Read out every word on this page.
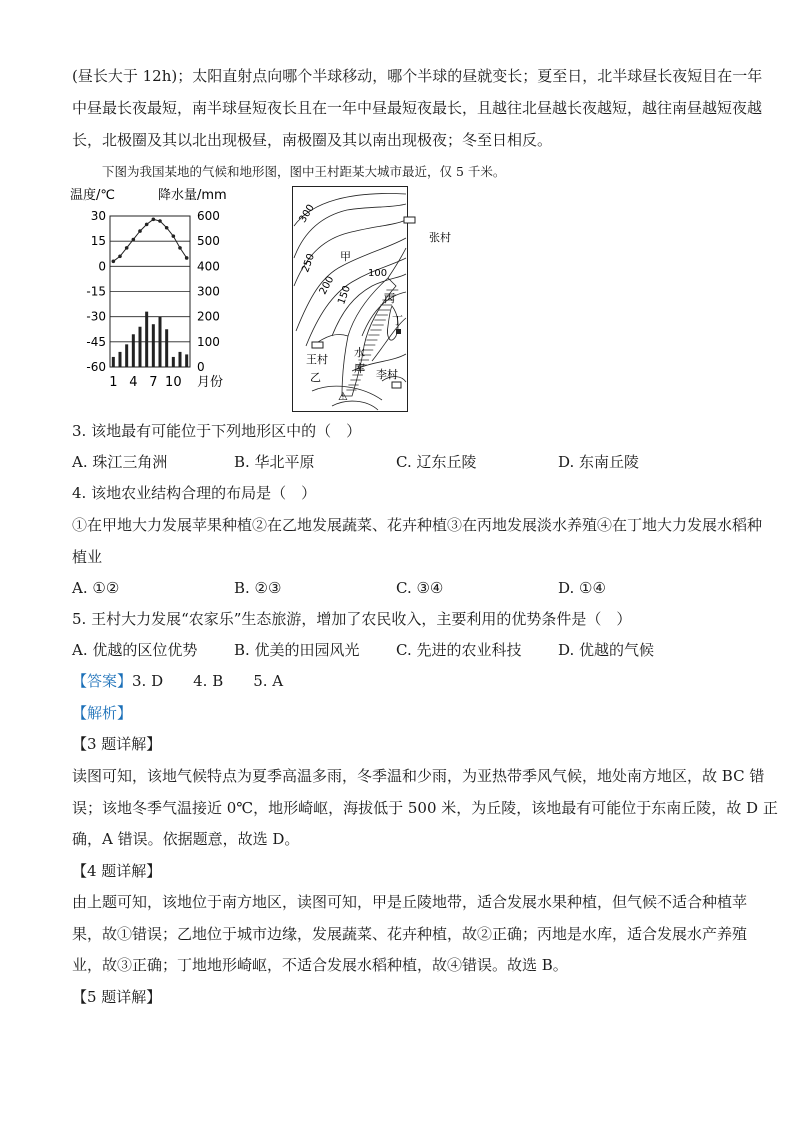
(昼长大于 12h)；太阳直射点向哪个半球移动，哪个半球的昼就变长；夏至日，北半球昼长夜短目在一年
中昼最长夜最短，南半球昼短夜长且在一年中昼最短夜最长，且越往北昼越长夜越短，越往南昼越短夜越
长，北极圈及其以北出现极昼，南极圈及其以南出现极夜；冬至日相反。
下图为我国某地的气候和地形图，图中王村距某大城市最近，仅 5 千米。
温度/℃	降水量/mm
30
15
0
-15
-30
-45
-60
600
500
400
300
200
100
0
1 4 7 10 月份
300
250
200 150
100
甲
丙
丁
张村
王村
乙
水
库 李村
⚠
3. 该地最有可能位于下列地形区中的（　）
A. 珠江三角洲	B. 华北平原	C. 辽东丘陵	D. 东南丘陵
4. 该地农业结构合理的布局是（　）
①在甲地大力发展苹果种植②在乙地发展蔬菜、花卉种植③在丙地发展淡水养殖④在丁地大力发展水稻种
植业
A. ①②	B. ②③	C. ③④	D. ①④
5. 王村大力发展“农家乐”生态旅游，增加了农民收入，主要利用的优势条件是（　）
A. 优越的区位优势 B. 优美的田园风光 C. 先进的农业科技 D. 优越的气候
【答案】3. D　　4. B　　5. A
【解析】
【3 题详解】
读图可知，该地气候特点为夏季高温多雨，冬季温和少雨，为亚热带季风气候，地处南方地区，故 BC 错
误；该地冬季气温接近 0℃，地形崎岖，海拔低于 500 米，为丘陵，该地最有可能位于东南丘陵，故 D 正
确，A 错误。依据题意，故选 D。
【4 题详解】
由上题可知，该地位于南方地区，读图可知，甲是丘陵地带，适合发展水果种植，但气候不适合种植苹
果，故①错误；乙地位于城市边缘，发展蔬菜、花卉种植，故②正确；丙地是水库，适合发展水产养殖
业，故③正确；丁地地形崎岖，不适合发展水稻种植，故④错误。故选 B。
【5 题详解】
